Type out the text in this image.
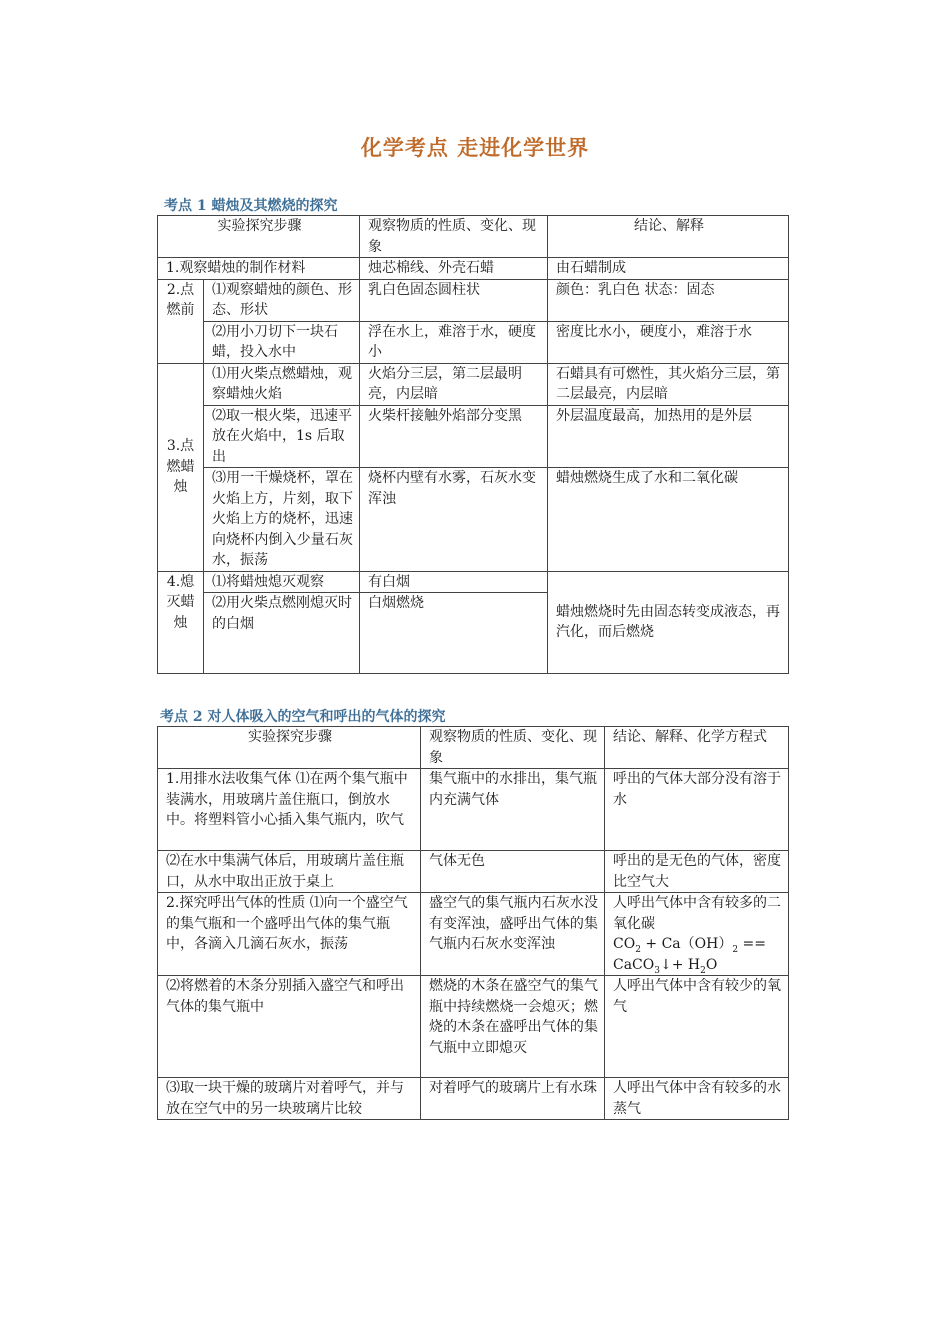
化学考点 走进化学世界
考点 1 蜡烛及其燃烧的探究
实验探究步骤		观察物质的性质、变化、现象	结论、解释
1.观察蜡烛的制作材料		烛芯棉线、外壳石蜡	由石蜡制成
2.点燃前	⑴观察蜡烛的颜色、形态、形状	乳白色固态圆柱状	颜色：乳白色 状态：固态
	⑵用小刀切下一块石蜡，投入水中	浮在水上，难溶于水，硬度小	密度比水小，硬度小，难溶于水
3.点燃蜡烛	⑴用火柴点燃蜡烛，观察蜡烛火焰	火焰分三层，第二层最明亮，内层暗	石蜡具有可燃性，其火焰分三层，第二层最亮，内层暗
	⑵取一根火柴，迅速平放在火焰中，1s 后取出	火柴杆接触外焰部分变黑	外层温度最高，加热用的是外层
	⑶用一干燥烧杯，罩在火焰上方，片刻，取下火焰上方的烧杯，迅速向烧杯内倒入少量石灰水，振荡	烧杯内壁有水雾，石灰水变浑浊	蜡烛燃烧生成了水和二氧化碳
4.熄灭蜡烛	⑴将蜡烛熄灭观察	有白烟	蜡烛燃烧时先由固态转变成液态，再汽化，而后燃烧
	⑵用火柴点燃刚熄灭时的白烟	白烟燃烧	
考点 2 对人体吸入的空气和呼出的气体的探究
实验探究步骤	观察物质的性质、变化、现象	结论、解释、化学方程式
1.用排水法收集气体 ⑴在两个集气瓶中装满水，用玻璃片盖住瓶口，倒放水中。将塑料管小心插入集气瓶内，吹气	集气瓶中的水排出，集气瓶内充满气体	呼出的气体大部分没有溶于水
⑵在水中集满气体后，用玻璃片盖住瓶口，从水中取出正放于桌上	气体无色	呼出的是无色的气体，密度比空气大
2.探究呼出气体的性质 ⑴向一个盛空气的集气瓶和一个盛呼出气体的集气瓶中，各滴入几滴石灰水，振荡	盛空气的集气瓶内石灰水没有变浑浊，盛呼出气体的集气瓶内石灰水变浑浊	人呼出气体中含有较多的二氧化碳
$CO_2 + Ca(OH)_2$ == CaCO$_3$↓+ $H_2O$

⑵将燃着的木条分别插入盛空气和呼出气体的集气瓶中	燃烧的木条在盛空气的集气瓶中持续燃烧一会熄灭；燃烧的木条在盛呼出气体的集气瓶中立即熄灭	人呼出气体中含有较少的氧气
⑶取一块干燥的玻璃片对着呼气，并与放在空气中的另一块玻璃片比较	对着呼气的玻璃片上有水珠	人呼出气体中含有较多的水蒸气
